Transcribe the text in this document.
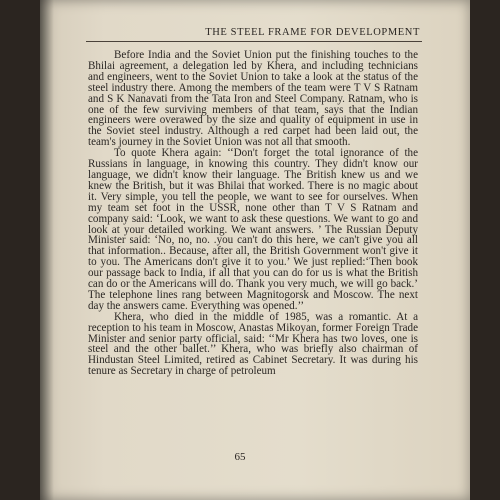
THE STEEL FRAME FOR DEVELOPMENT

Before India and the Soviet Union put the finishing touches to the Bhilai agreement, a delegation led by Khera, and including technicians and engineers, went to the Soviet Union to take a look at the status of the steel industry there. Among the members of the team were T V S Ratnam and S K Nanavati from the Tata Iron and Steel Company. Ratnam, who is one of the few surviving members of that team, says that the Indian engineers were overawed by the size and quality of equipment in use in the Soviet steel industry. Although a red carpet had been laid out, the team's journey in the Soviet Union was not all that smooth.

To quote Khera again: ‘‘Don't forget the total ignorance of the Russians in language, in knowing this country. They didn't know our language, we didn't know their language. The British knew us and we knew the British, but it was Bhilai that worked. There is no magic about it. Very simple, you tell the people, we want to see for ourselves. When my team set foot in the USSR, none other than T V S Ratnam and company said: ‘Look, we want to ask these questions. We want to go and look at your detailed working. We want answers. ’ The Russian Deputy Minister said: ‘No, no, no. .you can't do this here, we can't give you all that information.. Because, after all, the British Government won't give it to you. The Americans don't give it to you.’ We just replied:‘Then book our passage back to India, if all that you can do for us is what the British can do or the Americans will do. Thank you very much, we will go back.’ The telephone lines rang between Magnitogorsk and Moscow. The next day the answers came. Everything was opened.’’

Khera, who died in the middle of 1985, was a romantic. At a reception to his team in Moscow, Anastas Mikoyan, former Foreign Trade Minister and senior party official, said: ‘‘Mr Khera has two loves, one is steel and the other ballet.’’ Khera, who was briefly also chairman of Hindustan Steel Limited, retired as Cabinet Secretary. It was during his tenure as Secretary in charge of petroleum

65
